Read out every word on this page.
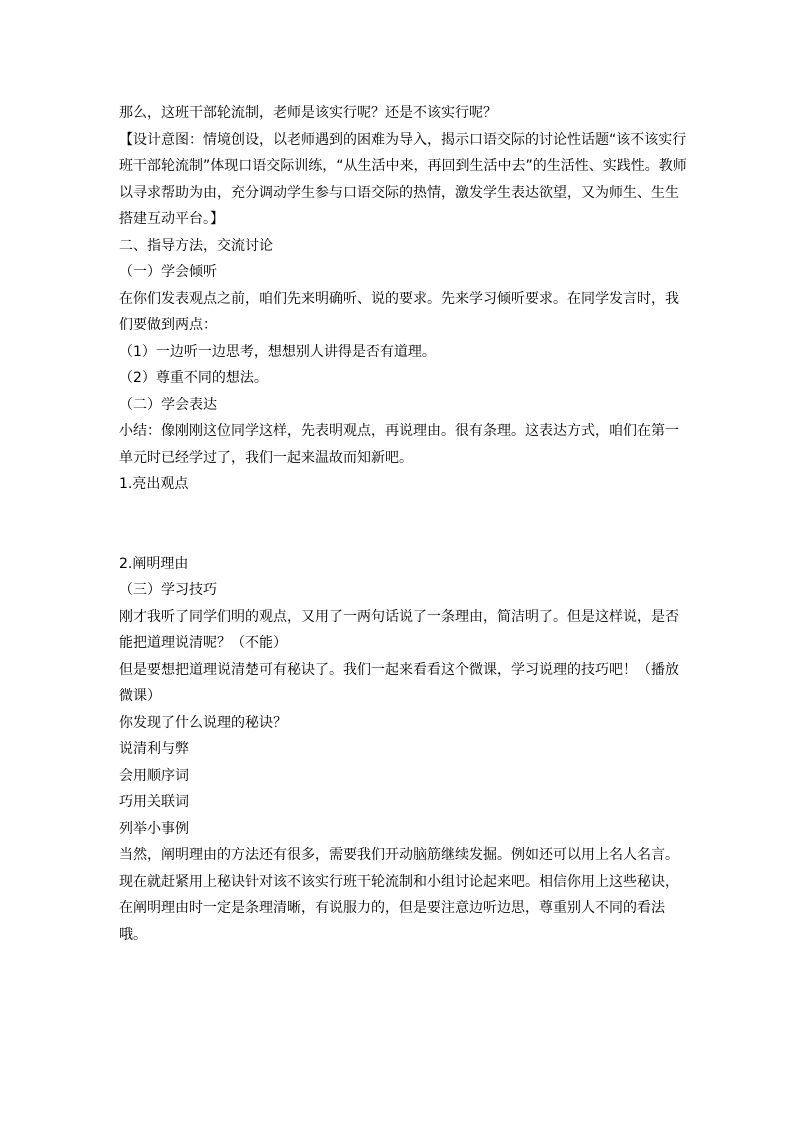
那么，这班干部轮流制，老师是该实行呢？还是不该实行呢？

【设计意图：情境创设，以老师遇到的困难为导入，揭示口语交际的讨论性话题“该不该实行班干部轮流制”体现口语交际训练，“从生活中来，再回到生活中去”的生活性、实践性。教师以寻求帮助为由，充分调动学生参与口语交际的热情，激发学生表达欲望，又为师生、生生搭建互动平台。】

二、指导方法，交流讨论

（一）学会倾听

在你们发表观点之前，咱们先来明确听、说的要求。先来学习倾听要求。在同学发言时，我们要做到两点：

（1）一边听一边思考，想想别人讲得是否有道理。

（2）尊重不同的想法。

（二）学会表达

小结：像刚刚这位同学这样，先表明观点，再说理由。很有条理。这表达方式，咱们在第一单元时已经学过了，我们一起来温故而知新吧。

1.亮出观点

2.阐明理由

（三）学习技巧

刚才我听了同学们明的观点，又用了一两句话说了一条理由，简洁明了。但是这样说，是否能把道理说清呢？（不能）

但是要想把道理说清楚可有秘诀了。我们一起来看看这个微课，学习说理的技巧吧！（播放微课）

你发现了什么说理的秘诀？

说清利与弊

会用顺序词

巧用关联词

列举小事例

当然，阐明理由的方法还有很多，需要我们开动脑筋继续发掘。例如还可以用上名人名言。现在就赶紧用上秘诀针对该不该实行班干轮流制和小组讨论起来吧。相信你用上这些秘诀，在阐明理由时一定是条理清晰，有说服力的，但是要注意边听边思，尊重别人不同的看法哦。
